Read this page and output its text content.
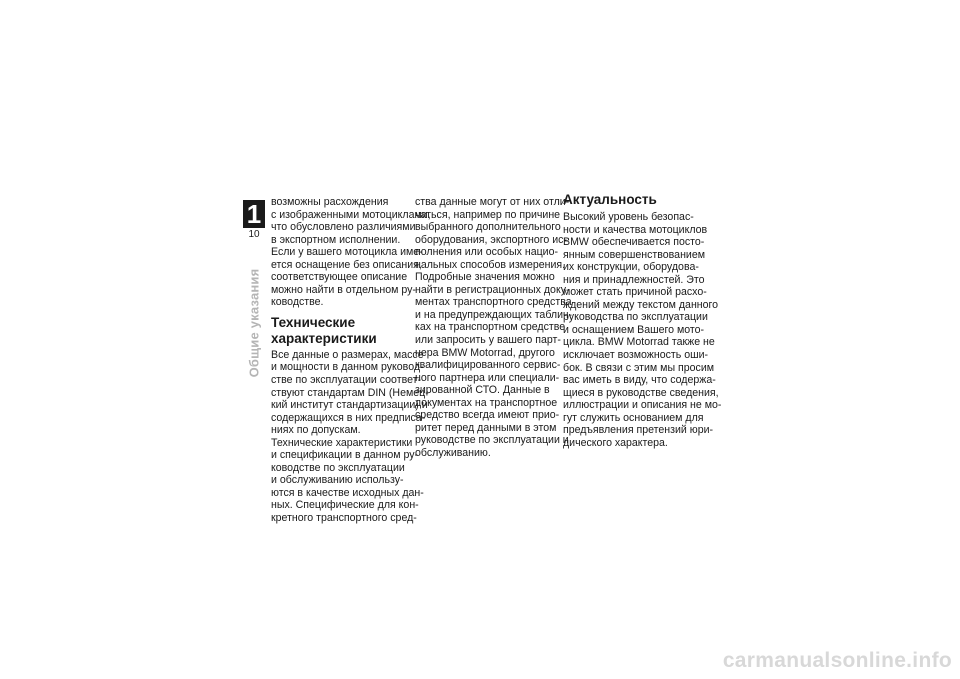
1
10
Общие указания
возможны расхождения
с изображенными мотоциклами,
что обусловлено различиями
в экспортном исполнении.
Если у вашего мотоцикла име-
ется оснащение без описания,
соответствующее описание
можно найти в отдельном ру-
ководстве.
Технические
характеристики
Все данные о размерах, массе
и мощности в данном руковод-
стве по эксплуатации соответ-
ствуют стандартам DIN (Немец-
кий институт стандартизации) и
содержащихся в них предписа-
ниях по допускам.
Технические характеристики
и спецификации в данном ру-
ководстве по эксплуатации
и обслуживанию использу-
ются в качестве исходных дан-
ных. Специфические для кон-
кретного транспортного сред-
ства данные могут от них отли-
чаться, например по причине
выбранного дополнительного
оборудования, экспортного ис-
полнения или особых нацио-
нальных способов измерения.
Подробные значения можно
найти в регистрационных доку-
ментах транспортного средства
и на предупреждающих таблич-
ках на транспортном средстве
или запросить у вашего парт-
нера BMW Motorrad, другого
квалифицированного сервис-
ного партнера или специали-
зированной СТО. Данные в
документах на транспортное
средство всегда имеют прио-
ритет перед данными в этом
руководстве по эксплуатации и
обслуживанию.
Актуальность
Высокий уровень безопас-
ности и качества мотоциклов
BMW обеспечивается посто-
янным совершенствованием
их конструкции, оборудова-
ния и принадлежностей. Это
может стать причиной расхо-
ждений между текстом данного
руководства по эксплуатации
и оснащением Вашего мото-
цикла. BMW Motorrad также не
исключает возможность оши-
бок. В связи с этим мы просим
вас иметь в виду, что содержа-
щиеся в руководстве сведения,
иллюстрации и описания не мо-
гут служить основанием для
предъявления претензий юри-
дического характера.
carmanualsonline.info
